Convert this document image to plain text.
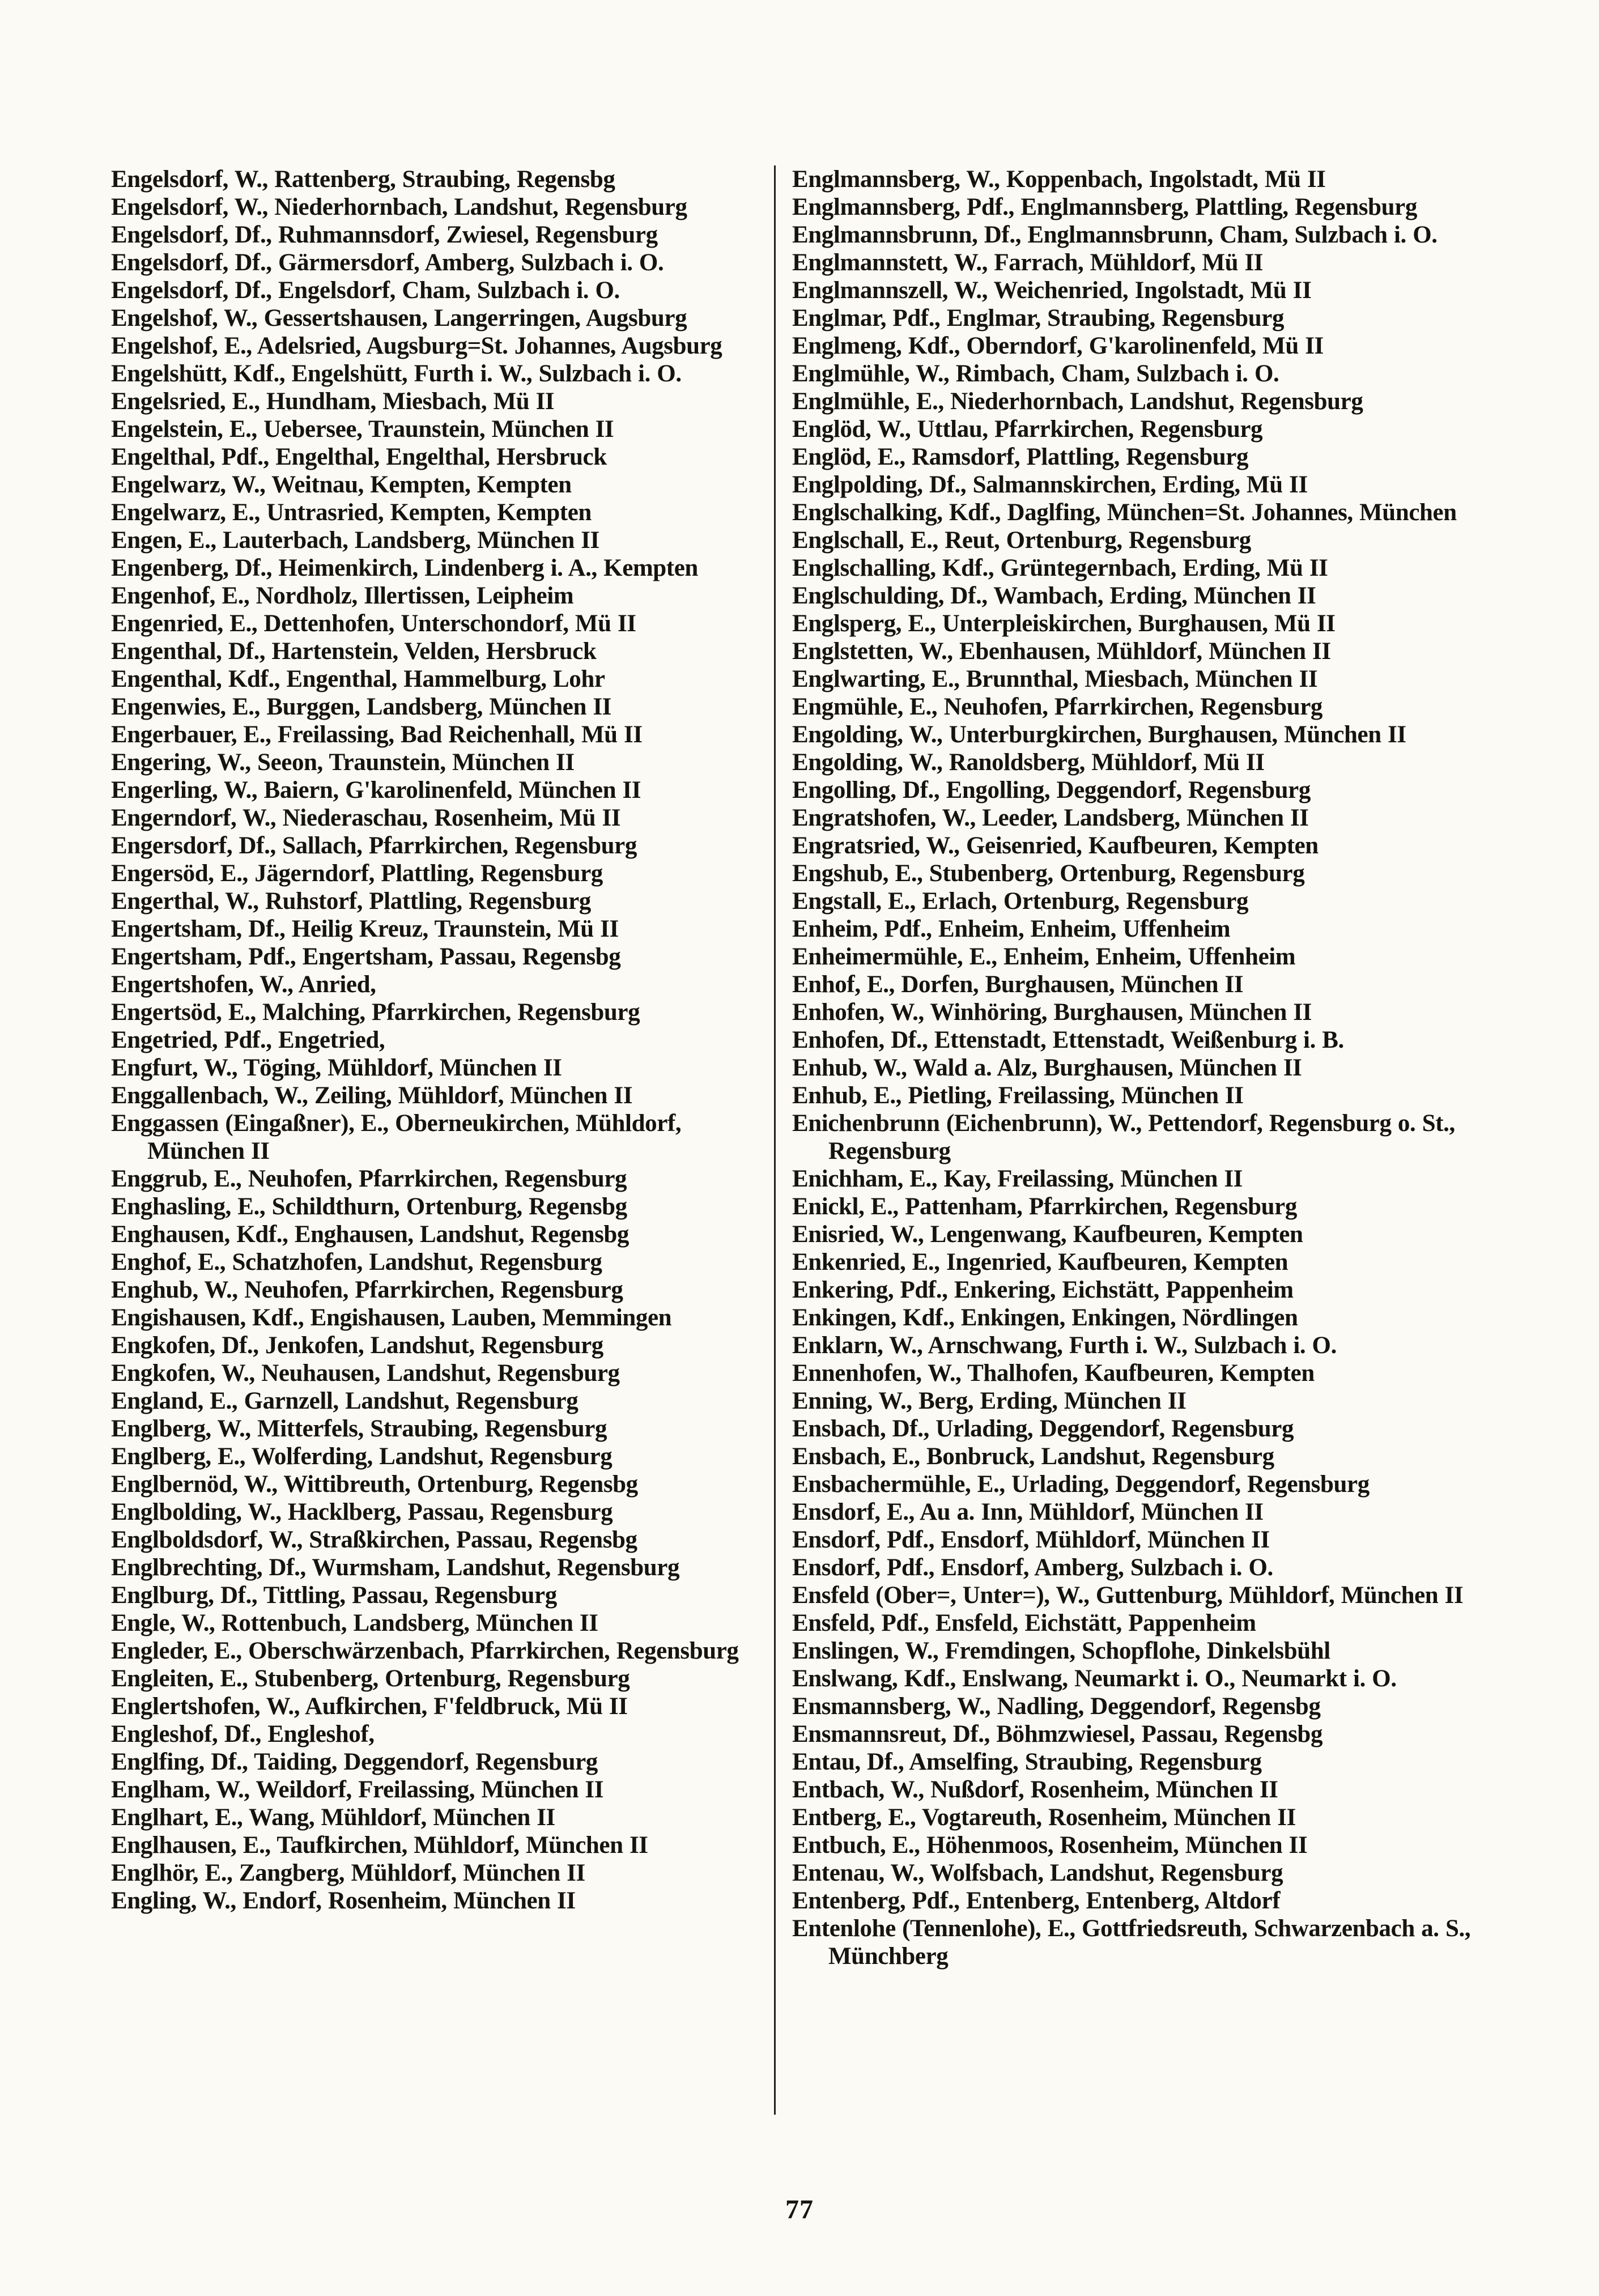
Engelsdorf, W., Rattenberg, Straubing, Regensbg
Engelsdorf, W., Niederhornbach, Landshut, Regensburg
Engelsdorf, Df., Ruhmannsdorf, Zwiesel, Regensburg
Engelsdorf, Df., Gärmersdorf, Amberg, Sulzbach i. O.
Engelsdorf, Df., Engelsdorf, Cham, Sulzbach i. O.
Engelshof, W., Gessertshausen, Langerringen, Augsburg
Engelshof, E., Adelsried, Augsburg=St. Johannes, Augsburg
Engelshütt, Kdf., Engelshütt, Furth i. W., Sulzbach i. O.
Engelsried, E., Hundham, Miesbach, Mü II
Engelstein, E., Uebersee, Traunstein, München II
Engelthal, Pdf., Engelthal, Engelthal, Hersbruck
Engelwarz, W., Weitnau, Kempten, Kempten
Engelwarz, E., Untrasried, Kempten, Kempten
Engen, E., Lauterbach, Landsberg, München II
Engenberg, Df., Heimenkirch, Lindenberg i. A., Kempten
Engenhof, E., Nordholz, Illertissen, Leipheim
Engenried, E., Dettenhofen, Unterschondorf, Mü II
Engenthal, Df., Hartenstein, Velden, Hersbruck
Engenthal, Kdf., Engenthal, Hammelburg, Lohr
Engenwies, E., Burggen, Landsberg, München II
Engerbauer, E., Freilassing, Bad Reichenhall, Mü II
Engering, W., Seeon, Traunstein, München II
Engerling, W., Baiern, G'karolinenfeld, München II
Engerndorf, W., Niederaschau, Rosenheim, Mü II
Engersdorf, Df., Sallach, Pfarrkirchen, Regensburg
Engersöd, E., Jägerndorf, Plattling, Regensburg
Engerthal, W., Ruhstorf, Plattling, Regensburg
Engertsham, Df., Heilig Kreuz, Traunstein, Mü II
Engertsham, Pdf., Engertsham, Passau, Regensbg
Engertshofen, W., Anried,
Engertsöd, E., Malching, Pfarrkirchen, Regensburg
Engetried, Pdf., Engetried,
Engfurt, W., Töging, Mühldorf, München II
Enggallenbach, W., Zeiling, Mühldorf, München II
Enggassen (Eingaßner), E., Oberneukirchen, Mühldorf, München II
Enggrub, E., Neuhofen, Pfarrkirchen, Regensburg
Enghasling, E., Schildthurn, Ortenburg, Regensbg
Enghausen, Kdf., Enghausen, Landshut, Regensbg
Enghof, E., Schatzhofen, Landshut, Regensburg
Enghub, W., Neuhofen, Pfarrkirchen, Regensburg
Engishausen, Kdf., Engishausen, Lauben, Memmingen
Engkofen, Df., Jenkofen, Landshut, Regensburg
Engkofen, W., Neuhausen, Landshut, Regensburg
England, E., Garnzell, Landshut, Regensburg
Englberg, W., Mitterfels, Straubing, Regensburg
Englberg, E., Wolferding, Landshut, Regensburg
Englbernöd, W., Wittibreuth, Ortenburg, Regensbg
Englbolding, W., Hacklberg, Passau, Regensburg
Englboldsdorf, W., Straßkirchen, Passau, Regensbg
Englbrechting, Df., Wurmsham, Landshut, Regensburg
Englburg, Df., Tittling, Passau, Regensburg
Engle, W., Rottenbuch, Landsberg, München II
Engleder, E., Oberschwärzenbach, Pfarrkirchen, Regensburg
Engleiten, E., Stubenberg, Ortenburg, Regensburg
Englertshofen, W., Aufkirchen, F'feldbruck, Mü II
Engleshof, Df., Engleshof,
Englfing, Df., Taiding, Deggendorf, Regensburg
Englham, W., Weildorf, Freilassing, München II
Englhart, E., Wang, Mühldorf, München II
Englhausen, E., Taufkirchen, Mühldorf, München II
Englhör, E., Zangberg, Mühldorf, München II
Engling, W., Endorf, Rosenheim, München II
Englmannsberg, W., Koppenbach, Ingolstadt, Mü II
Englmannsberg, Pdf., Englmannsberg, Plattling, Regensburg
Englmannsbrunn, Df., Englmannsbrunn, Cham, Sulzbach i. O.
Englmannstett, W., Farrach, Mühldorf, Mü II
Englmannszell, W., Weichenried, Ingolstadt, Mü II
Englmar, Pdf., Englmar, Straubing, Regensburg
Englmeng, Kdf., Oberndorf, G'karolinenfeld, Mü II
Englmühle, W., Rimbach, Cham, Sulzbach i. O.
Englmühle, E., Niederhornbach, Landshut, Regensburg
Englöd, W., Uttlau, Pfarrkirchen, Regensburg
Englöd, E., Ramsdorf, Plattling, Regensburg
Englpolding, Df., Salmannskirchen, Erding, Mü II
Englschalking, Kdf., Daglfing, München=St. Johannes, München
Englschall, E., Reut, Ortenburg, Regensburg
Englschalling, Kdf., Grüntegernbach, Erding, Mü II
Englschulding, Df., Wambach, Erding, München II
Englsperg, E., Unterpleiskirchen, Burghausen, Mü II
Englstetten, W., Ebenhausen, Mühldorf, München II
Englwarting, E., Brunnthal, Miesbach, München II
Engmühle, E., Neuhofen, Pfarrkirchen, Regensburg
Engolding, W., Unterburgkirchen, Burghausen, München II
Engolding, W., Ranoldsberg, Mühldorf, Mü II
Engolling, Df., Engolling, Deggendorf, Regensburg
Engratshofen, W., Leeder, Landsberg, München II
Engratsried, W., Geisenried, Kaufbeuren, Kempten
Engshub, E., Stubenberg, Ortenburg, Regensburg
Engstall, E., Erlach, Ortenburg, Regensburg
Enheim, Pdf., Enheim, Enheim, Uffenheim
Enheimermühle, E., Enheim, Enheim, Uffenheim
Enhof, E., Dorfen, Burghausen, München II
Enhofen, W., Winhöring, Burghausen, München II
Enhofen, Df., Ettenstadt, Ettenstadt, Weißenburg i. B.
Enhub, W., Wald a. Alz, Burghausen, München II
Enhub, E., Pietling, Freilassing, München II
Enichenbrunn (Eichenbrunn), W., Pettendorf, Regensburg o. St., Regensburg
Enichham, E., Kay, Freilassing, München II
Enickl, E., Pattenham, Pfarrkirchen, Regensburg
Enisried, W., Lengenwang, Kaufbeuren, Kempten
Enkenried, E., Ingenried, Kaufbeuren, Kempten
Enkering, Pdf., Enkering, Eichstätt, Pappenheim
Enkingen, Kdf., Enkingen, Enkingen, Nördlingen
Enklarn, W., Arnschwang, Furth i. W., Sulzbach i. O.
Ennenhofen, W., Thalhofen, Kaufbeuren, Kempten
Enning, W., Berg, Erding, München II
Ensbach, Df., Urlading, Deggendorf, Regensburg
Ensbach, E., Bonbruck, Landshut, Regensburg
Ensbachermühle, E., Urlading, Deggendorf, Regensburg
Ensdorf, E., Au a. Inn, Mühldorf, München II
Ensdorf, Pdf., Ensdorf, Mühldorf, München II
Ensdorf, Pdf., Ensdorf, Amberg, Sulzbach i. O.
Ensfeld (Ober=, Unter=), W., Guttenburg, Mühldorf, München II
Ensfeld, Pdf., Ensfeld, Eichstätt, Pappenheim
Enslingen, W., Fremdingen, Schopflohe, Dinkelsbühl
Enslwang, Kdf., Enslwang, Neumarkt i. O., Neumarkt i. O.
Ensmannsberg, W., Nadling, Deggendorf, Regensbg
Ensmannsreut, Df., Böhmzwiesel, Passau, Regensbg
Entau, Df., Amselfing, Straubing, Regensburg
Entbach, W., Nußdorf, Rosenheim, München II
Entberg, E., Vogtareuth, Rosenheim, München II
Entbuch, E., Höhenmoos, Rosenheim, München II
Entenau, W., Wolfsbach, Landshut, Regensburg
Entenberg, Pdf., Entenberg, Entenberg, Altdorf
Entenlohe (Tennenlohe), E., Gottfriedsreuth, Schwarzenbach a. S., Münchberg
77
